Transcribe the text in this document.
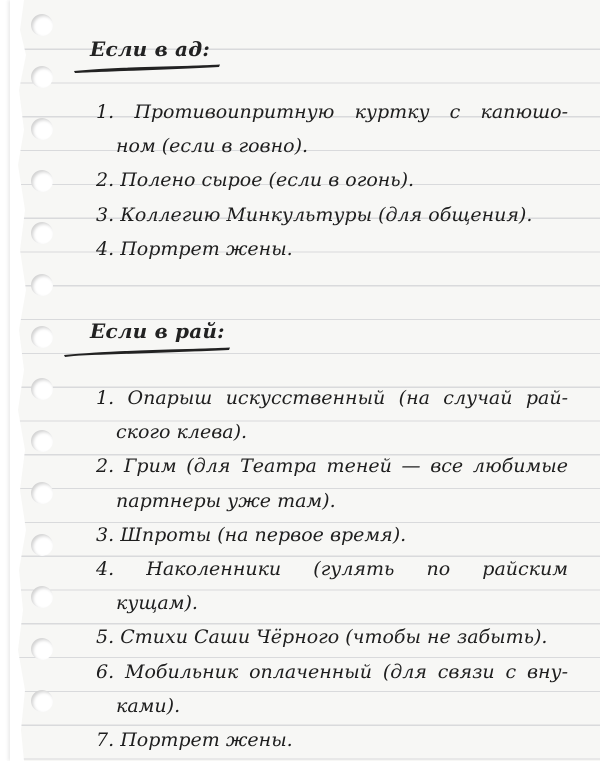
Если в ад:
1. Противоипритную куртку с капюшо-
ном (если в говно).
2. Полено сырое (если в огонь).
3. Коллегию Минкультуры (для общения).
4. Портрет жены.
Если в рай:
1. Опарыш искусственный (на случай рай-
ского клева).
2. Грим (для Театра теней — все любимые
партнеры уже там).
3. Шпроты (на первое время).
4. Наколенники (гулять по райским
кущам).
5. Стихи Саши Чёрного (чтобы не забыть).
6. Мобильник оплаченный (для связи с вну-
ками).
7. Портрет жены.
